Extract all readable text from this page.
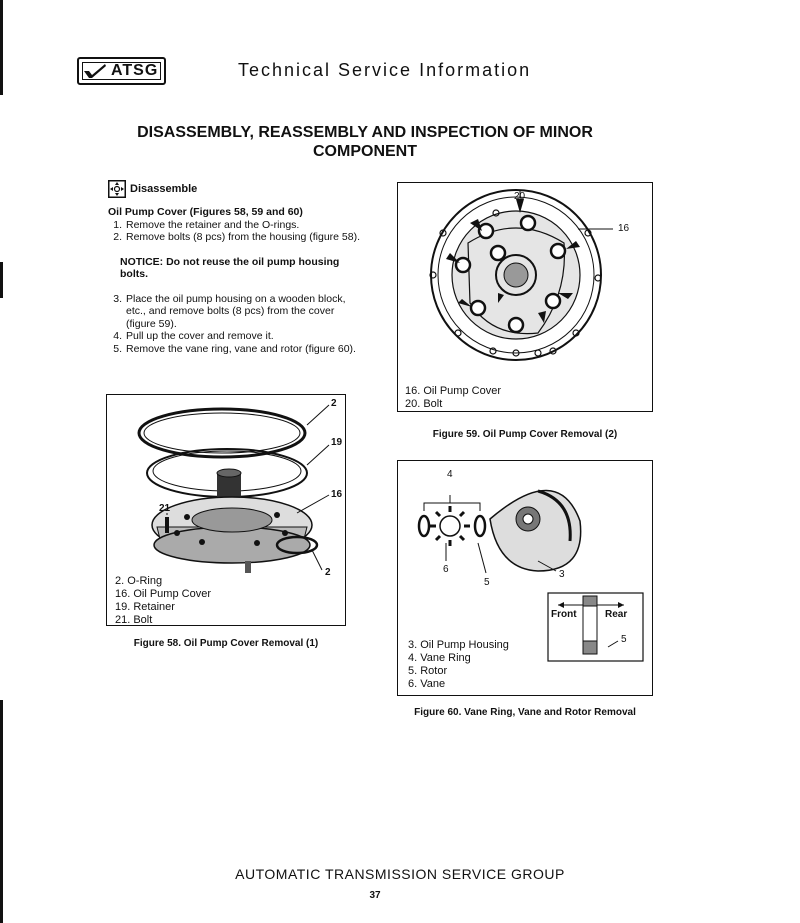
ATSG	Technical Service Information
DISASSEMBLY, REASSEMBLY AND INSPECTION OF MINOR COMPONENT
Disassemble
Oil Pump Cover (Figures 58, 59 and 60)
1. Remove the retainer and the O-rings.
2. Remove bolts (8 pcs) from the housing (figure 58).
NOTICE: Do not reuse the oil pump housing bolts.
3. Place the oil pump housing on a wooden block, etc., and remove bolts (8 pcs) from the cover (figure 59).
4. Pull up the cover and remove it.
5. Remove the vane ring, vane and rotor (figure 60).
2
19
16
21
2
2. O-Ring
16. Oil Pump Cover
19. Retainer
21. Bolt
Figure 58. Oil Pump Cover Removal (1)
20
16
16. Oil Pump Cover
20. Bolt
Figure 59. Oil Pump Cover Removal (2)
4
6
5
3
Front	Rear
5
3. Oil Pump Housing
4. Vane Ring
5. Rotor
6. Vane
Figure 60. Vane Ring, Vane and Rotor Removal
AUTOMATIC TRANSMISSION SERVICE GROUP
37
